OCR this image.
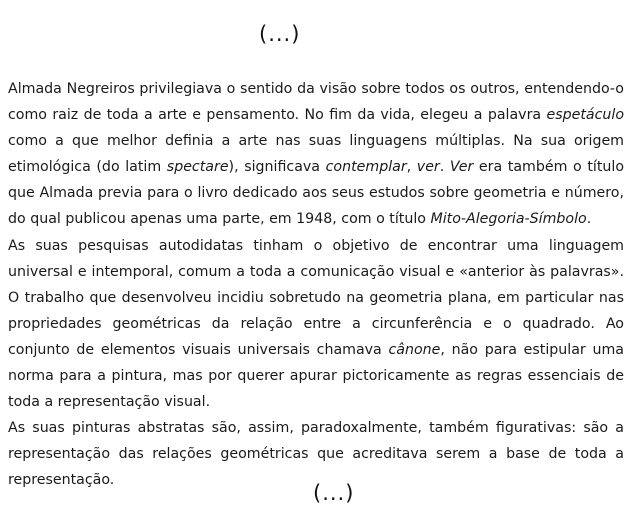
(...)

Almada Negreiros privilegiava o sentido da visão sobre todos os outros, entendendo-o como raiz de toda a arte e pensamento. No fim da vida, elegeu a palavra espetáculo como a que melhor definia a arte nas suas linguagens múltiplas. Na sua origem etimológica (do latim spectare), significava contemplar, ver. Ver era também o título que Almada previa para o livro dedicado aos seus estudos sobre geometria e número, do qual publicou apenas uma parte, em 1948, com o título Mito-Alegoria-Símbolo.

As suas pesquisas autodidatas tinham o objetivo de encontrar uma linguagem universal e intemporal, comum a toda a comunicação visual e «anterior às palavras». O trabalho que desenvolveu incidiu sobretudo na geometria plana, em particular nas propriedades geométricas da relação entre a circunferência e o quadrado. Ao conjunto de elementos visuais universais chamava cânone, não para estipular uma norma para a pintura, mas por querer apurar pictoricamente as regras essenciais de toda a representação visual.

As suas pinturas abstratas são, assim, paradoxalmente, também figurativas: são a representação das relações geométricas que acreditava serem a base de toda a representação.

(...)
